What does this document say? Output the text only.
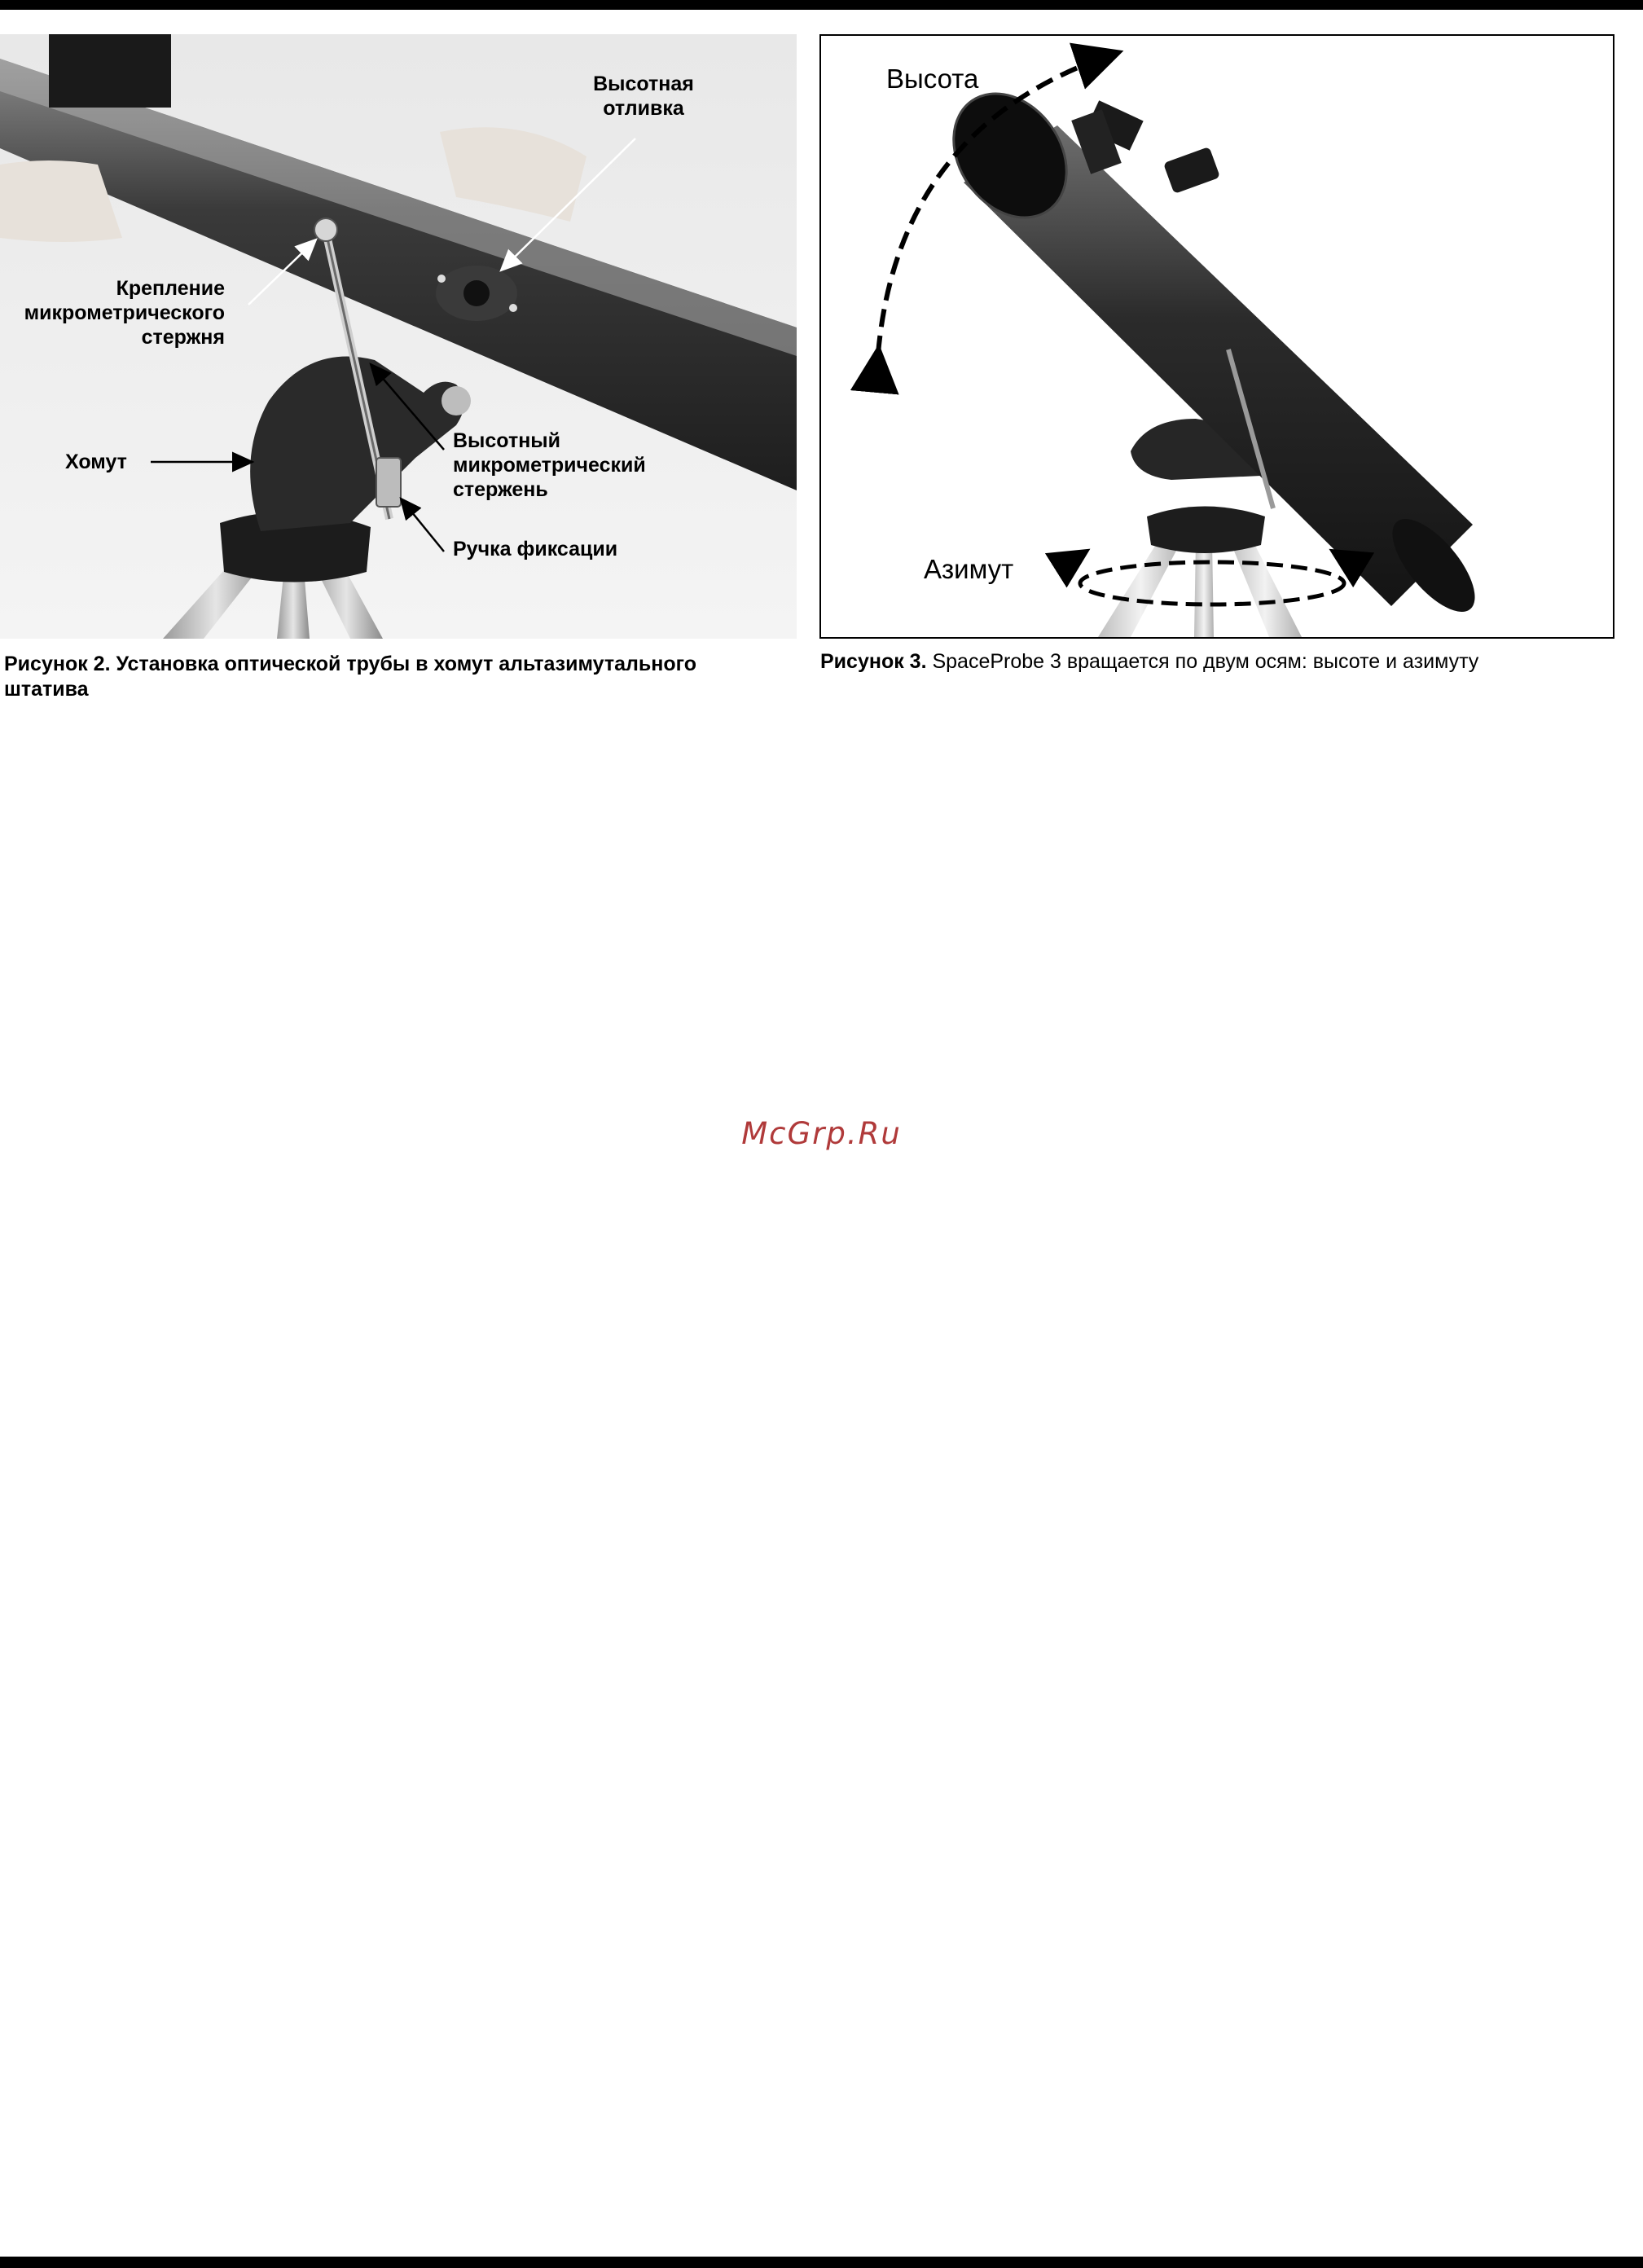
Высотная
отливка
Крепление
микрометрического
стержня
Хомут
Высотный
микрометрический
стержень
Ручка фиксации
Рисунок 2. Установка оптической трубы в хомут альтазимутального штатива
Высота
Азимут
Рисунок 3. SpaceProbe 3 вращается по двум осям: высоте и азимуту
McGrp.Ru
